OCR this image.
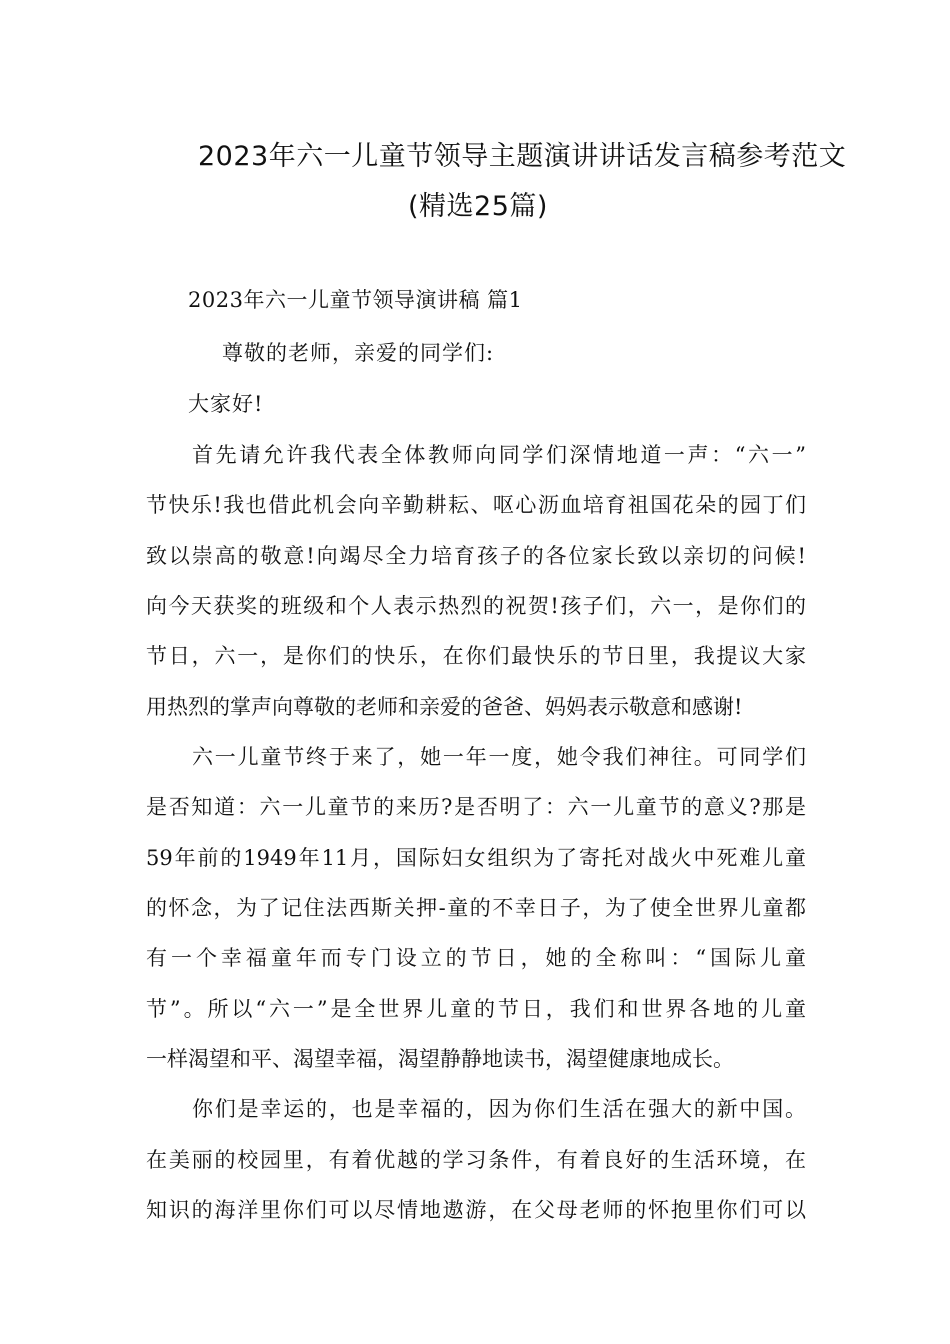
2023年六一儿童节领导主题演讲讲话发言稿参考范文
(精选25篇)
2023年六一儿童节领导演讲稿 篇1
尊敬的老师，亲爱的同学们:
大家好!
首先请允许我代表全体教师向同学们深情地道一声：“六一”
节快乐!我也借此机会向辛勤耕耘、呕心沥血培育祖国花朵的园丁们
致以崇高的敬意!向竭尽全力培育孩子的各位家长致以亲切的问候!
向今天获奖的班级和个人表示热烈的祝贺!孩子们，六一，是你们的
节日，六一，是你们的快乐，在你们最快乐的节日里，我提议大家
用热烈的掌声向尊敬的老师和亲爱的爸爸、妈妈表示敬意和感谢!
六一儿童节终于来了，她一年一度，她令我们神往。可同学们
是否知道：六一儿童节的来历?是否明了：六一儿童节的意义?那是
59年前的1949年11月，国际妇女组织为了寄托对战火中死难儿童
的怀念，为了记住法西斯关押-童的不幸日子，为了使全世界儿童都
有一个幸福童年而专门设立的节日，她的全称叫：“国际儿童
节”。所以“六一”是全世界儿童的节日，我们和世界各地的儿童
一样渴望和平、渴望幸福，渴望静静地读书，渴望健康地成长。
你们是幸运的，也是幸福的，因为你们生活在强大的新中国。
在美丽的校园里，有着优越的学习条件，有着良好的生活环境，在
知识的海洋里你们可以尽情地遨游，在父母老师的怀抱里你们可以
